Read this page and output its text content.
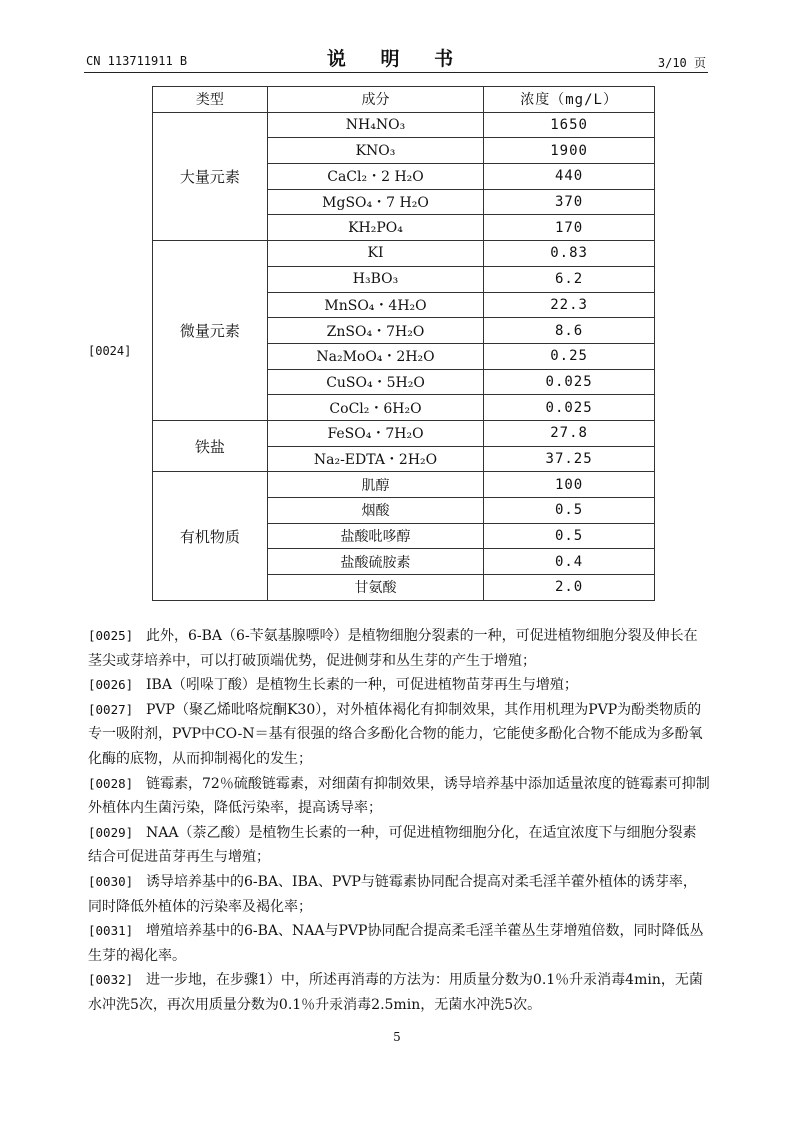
CN 113711911 B	说 明 书	3/10 页
[0024]
类型	成分	浓度（mg/L）
大量元素	NH₄NO₃	1650
	KNO₃	1900
	CaCl₂・2 H₂O	440
	MgSO₄・7 H₂O	370
	KH₂PO₄	170
微量元素	KI	0.83
	H₃BO₃	6.2
	MnSO₄・4H₂O	22.3
	ZnSO₄・7H₂O	8.6
	Na₂MoO₄・2H₂O	0.25
	CuSO₄・5H₂O	0.025
	CoCl₂・6H₂O	0.025
铁盐	FeSO₄・7H₂O	27.8
	Na₂-EDTA・2H₂O	37.25
有机物质	肌醇	100
	烟酸	0.5
	盐酸吡哆醇	0.5
	盐酸硫胺素	0.4
	甘氨酸	2.0

[0025] 此外，6-BA（6-苄氨基腺嘌呤）是植物细胞分裂素的一种，可促进植物细胞分裂及伸长在茎尖或芽培养中，可以打破顶端优势，促进侧芽和丛生芽的产生于增殖；

[0026] IBA（吲哚丁酸）是植物生长素的一种，可促进植物苗芽再生与增殖；

[0027] PVP（聚乙烯吡咯烷酮K30），对外植体褐化有抑制效果，其作用机理为PVP为酚类物质的专一吸附剂，PVP中CO-N＝基有很强的络合多酚化合物的能力，它能使多酚化合物不能成为多酚氧化酶的底物，从而抑制褐化的发生；

[0028] 链霉素，72％硫酸链霉素，对细菌有抑制效果，诱导培养基中添加适量浓度的链霉素可抑制外植体内生菌污染，降低污染率，提高诱导率；

[0029] NAA（萘乙酸）是植物生长素的一种，可促进植物细胞分化，在适宜浓度下与细胞分裂素结合可促进苗芽再生与增殖；

[0030] 诱导培养基中的6-BA、IBA、PVP与链霉素协同配合提高对柔毛淫羊藿外植体的诱芽率，同时降低外植体的污染率及褐化率；

[0031] 增殖培养基中的6-BA、NAA与PVP协同配合提高柔毛淫羊藿丛生芽增殖倍数，同时降低丛生芽的褐化率。

[0032] 进一步地，在步骤1）中，所述再消毒的方法为：用质量分数为0.1％升汞消毒4min，无菌水冲洗5次，再次用质量分数为0.1％升汞消毒2.5min，无菌水冲洗5次。

5
